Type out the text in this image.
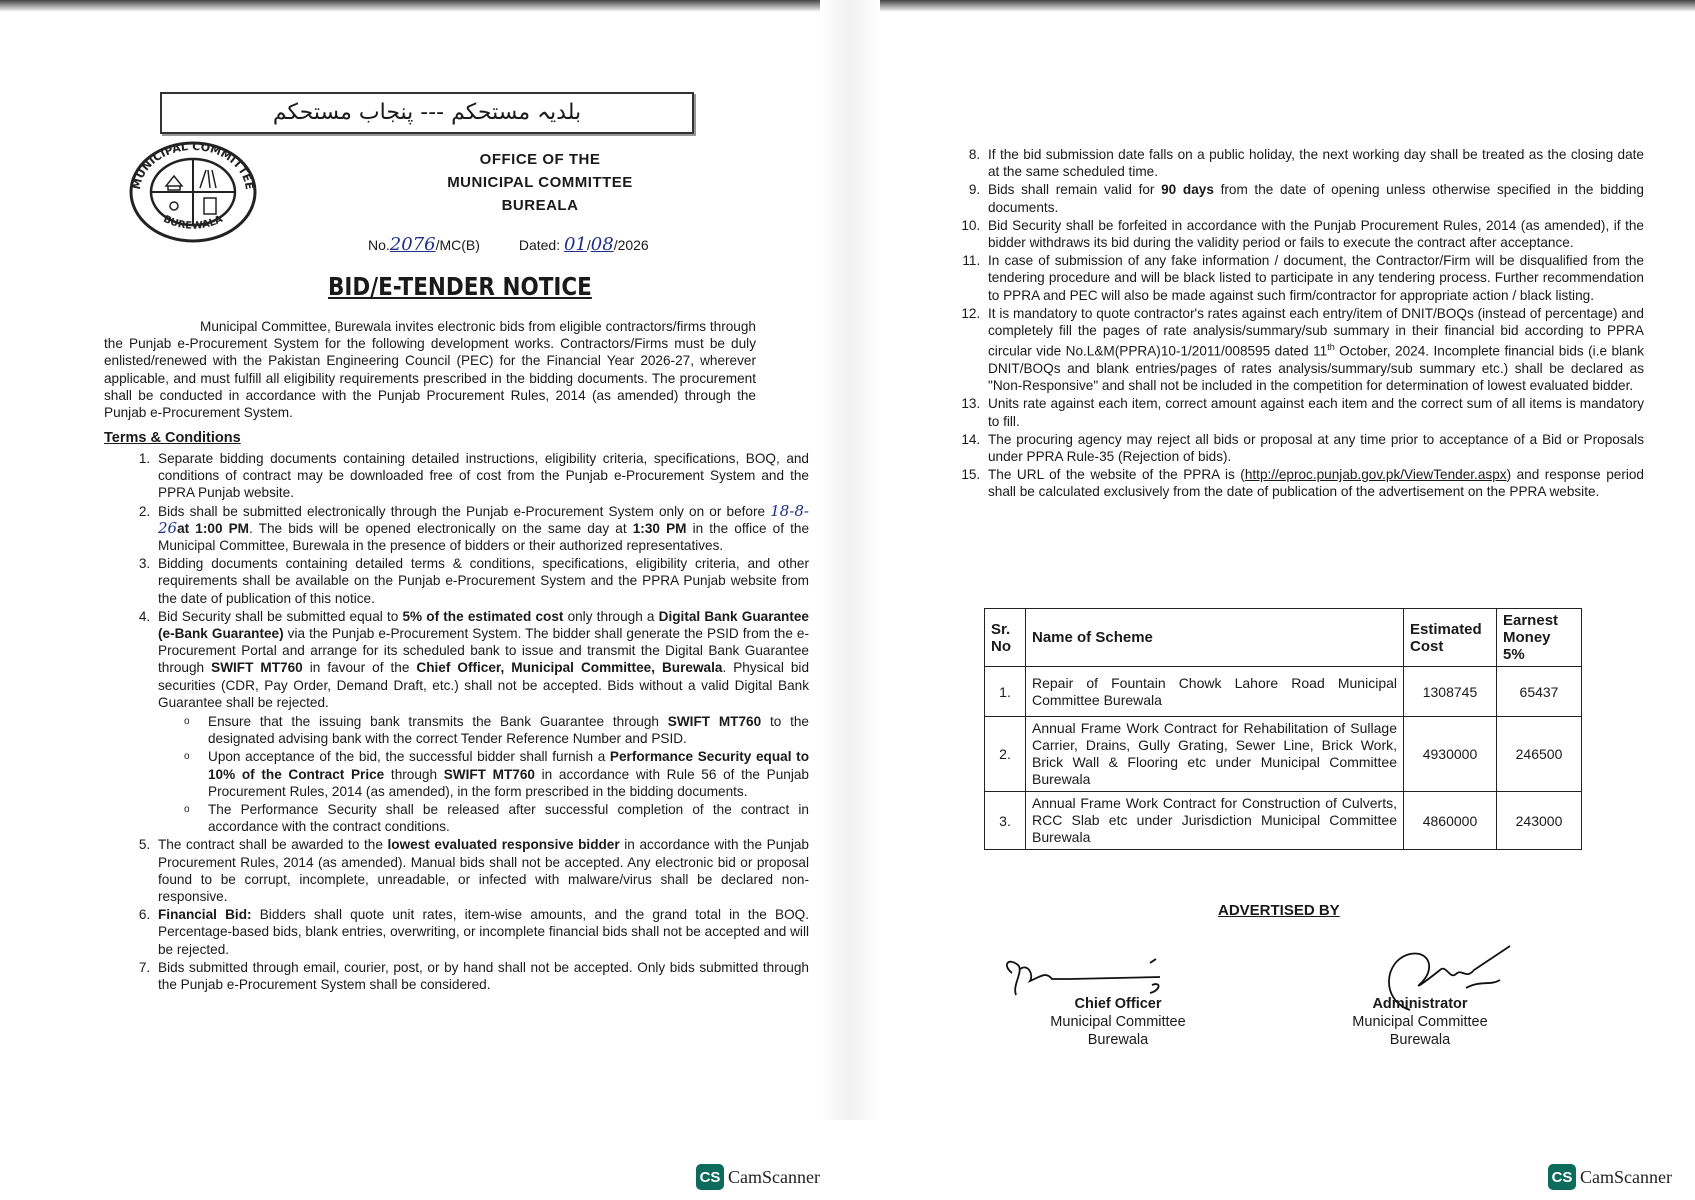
بلدیہ مستحکم --- پنجاب مستحکم
MUNICIPAL COMMITTEE
BUREWALA
OFFICE OF THE
MUNICIPAL COMMITTEE
BUREALA
No.2076/MC(B)	Dated: 01/08/2026
BID/E-TENDER NOTICE

Municipal Committee, Burewala invites electronic bids from eligible contractors/firms through the Punjab e-Procurement System for the following development works. Contractors/Firms must be duly enlisted/renewed with the Pakistan Engineering Council (PEC) for the Financial Year 2026-27, wherever applicable, and must fulfill all eligibility requirements prescribed in the bidding documents. The procurement shall be conducted in accordance with the Punjab Procurement Rules, 2014 (as amended) through the Punjab e-Procurement System.

Terms & Conditions
1. Separate bidding documents containing detailed instructions, eligibility criteria, specifications, BOQ, and conditions of contract may be downloaded free of cost from the Punjab e-Procurement System and the PPRA Punjab website.
2. Bids shall be submitted electronically through the Punjab e-Procurement System only on or before 18-8-26at 1:00 PM. The bids will be opened electronically on the same day at 1:30 PM in the office of the Municipal Committee, Burewala in the presence of bidders or their authorized representatives.
3. Bidding documents containing detailed terms & conditions, specifications, eligibility criteria, and other requirements shall be available on the Punjab e-Procurement System and the PPRA Punjab website from the date of publication of this notice.
4. Bid Security shall be submitted equal to 5% of the estimated cost only through a Digital Bank Guarantee (e-Bank Guarantee) via the Punjab e-Procurement System. The bidder shall generate the PSID from the e-Procurement Portal and arrange for its scheduled bank to issue and transmit the Digital Bank Guarantee through SWIFT MT760 in favour of the Chief Officer, Municipal Committee, Burewala. Physical bid securities (CDR, Pay Order, Demand Draft, etc.) shall not be accepted. Bids without a valid Digital Bank Guarantee shall be rejected.
o Ensure that the issuing bank transmits the Bank Guarantee through SWIFT MT760 to the designated advising bank with the correct Tender Reference Number and PSID.
o Upon acceptance of the bid, the successful bidder shall furnish a Performance Security equal to 10% of the Contract Price through SWIFT MT760 in accordance with Rule 56 of the Punjab Procurement Rules, 2014 (as amended), in the form prescribed in the bidding documents.
o The Performance Security shall be released after successful completion of the contract in accordance with the contract conditions.
5. The contract shall be awarded to the lowest evaluated responsive bidder in accordance with the Punjab Procurement Rules, 2014 (as amended). Manual bids shall not be accepted. Any electronic bid or proposal found to be corrupt, incomplete, unreadable, or infected with malware/virus shall be declared non-responsive.
6. Financial Bid: Bidders shall quote unit rates, item-wise amounts, and the grand total in the BOQ. Percentage-based bids, blank entries, overwriting, or incomplete financial bids shall not be accepted and will be rejected.
7. Bids submitted through email, courier, post, or by hand shall not be accepted. Only bids submitted through the Punjab e-Procurement System shall be considered.
CS CamScanner
8. If the bid submission date falls on a public holiday, the next working day shall be treated as the closing date at the same scheduled time.
9. Bids shall remain valid for 90 days from the date of opening unless otherwise specified in the bidding documents.
10. Bid Security shall be forfeited in accordance with the Punjab Procurement Rules, 2014 (as amended), if the bidder withdraws its bid during the validity period or fails to execute the contract after acceptance.
11. In case of submission of any fake information / document, the Contractor/Firm will be disqualified from the tendering procedure and will be black listed to participate in any tendering process. Further recommendation to PPRA and PEC will also be made against such firm/contractor for appropriate action / black listing.
12. It is mandatory to quote contractor's rates against each entry/item of DNIT/BOQs (instead of percentage) and completely fill the pages of rate analysis/summary/sub summary in their financial bid according to PPRA circular vide No.L&M(PPRA)10-1/2011/008595 dated 11th October, 2024. Incomplete financial bids (i.e blank DNIT/BOQs and blank entries/pages of rates analysis/summary/sub summary etc.) shall be declared as "Non-Responsive" and shall not be included in the competition for determination of lowest evaluated bidder.
13. Units rate against each item, correct amount against each item and the correct sum of all items is mandatory to fill.
14. The procuring agency may reject all bids or proposal at any time prior to acceptance of a Bid or Proposals under PPRA Rule-35 (Rejection of bids).
15. The URL of the website of the PPRA is (http://eproc.punjab.gov.pk/ViewTender.aspx) and response period shall be calculated exclusively from the date of publication of the advertisement on the PPRA website.
Sr. No	Name of Scheme	Estimated Cost	Earnest Money 5%
1.	Repair of Fountain Chowk Lahore Road Municipal Committee Burewala	1308745	65437
2.	Annual Frame Work Contract for Rehabilitation of Sullage Carrier, Drains, Gully Grating, Sewer Line, Brick Work, Brick Wall & Flooring etc under Municipal Committee Burewala	4930000	246500
3.	Annual Frame Work Contract for Construction of Culverts, RCC Slab etc under Jurisdiction Municipal Committee Burewala	4860000	243000
ADVERTISED BY
Chief Officer
Municipal Committee
Burewala
Administrator
Municipal Committee
Burewala
CS CamScanner
